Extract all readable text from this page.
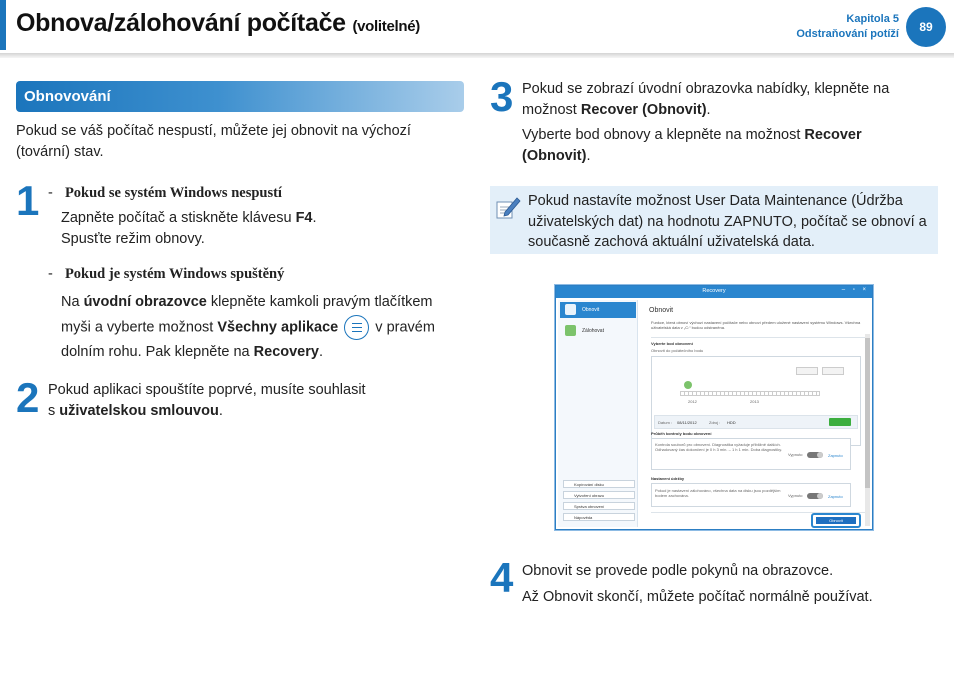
Obnova/zálohování počítače (volitelné)	Kapitola 5
Odstraňování potíží	89
Obnovování
Pokud se váš počítač nespustí, můžete jej obnovit na výchozí (tovární) stav.
1 - Pokud se systém Windows nespustí
Zapněte počítač a stiskněte klávesu F4.
Spusťte režim obnovy.
- Pokud je systém Windows spuštěný
Na úvodní obrazovce klepněte kamkoli pravým tlačítkem
myši a vyberte možnost Všechny aplikace
v pravém
dolním rohu. Pak klepněte na Recovery.
2 Pokud aplikaci spouštíte poprvé, musíte souhlasit
s uživatelskou smlouvou.
3 Pokud se zobrazí úvodní obrazovka nabídky, klepněte na
možnost Recover (Obnovit).
Vyberte bod obnovy a klepněte na možnost Recover
(Obnovit).
Pokud nastavíte možnost User Data Maintenance (Údržba uživatelských dat) na hodnotu ZAPNUTO, počítač se obnoví a současně zachová aktuální uživatelská data.
Recovery	– ▫ ×
Obnovit
Zálohovat
Kopírování disku
Vytvoření obrazu
Správa obnovení
Nápověda
Obnovit
Funkce, která obnoví výchozí nastavení počítače nebo obnoví předem uložené nastavení systému Windows. Všechna uživatelská data v „C:“ budou odstraněna.
Vyberte bod obnovení
Obnovit do počátečního bodu
2012	2013
Datum : 08/11/2012	Zdroj : HDD
Průběh kontroly bodu obnovení
Kontrola souborů pro obnovení. Diagnostika vyžaduje přibližně dalších. Odhadovaný čas dokončení je 0 h 3 min. – 1 h 1 min. Doba diagnostiky.
Vypnuto	Zapnuto
Nastavení údržby
Pokud je nastavení zálohováno, všechna data na disku jsou pozdějším bodem zachována.	Vypnuto	Zapnuto
Obnovit
4 Obnovit se provede podle pokynů na obrazovce.
Až Obnovit skončí, můžete počítač normálně používat.
